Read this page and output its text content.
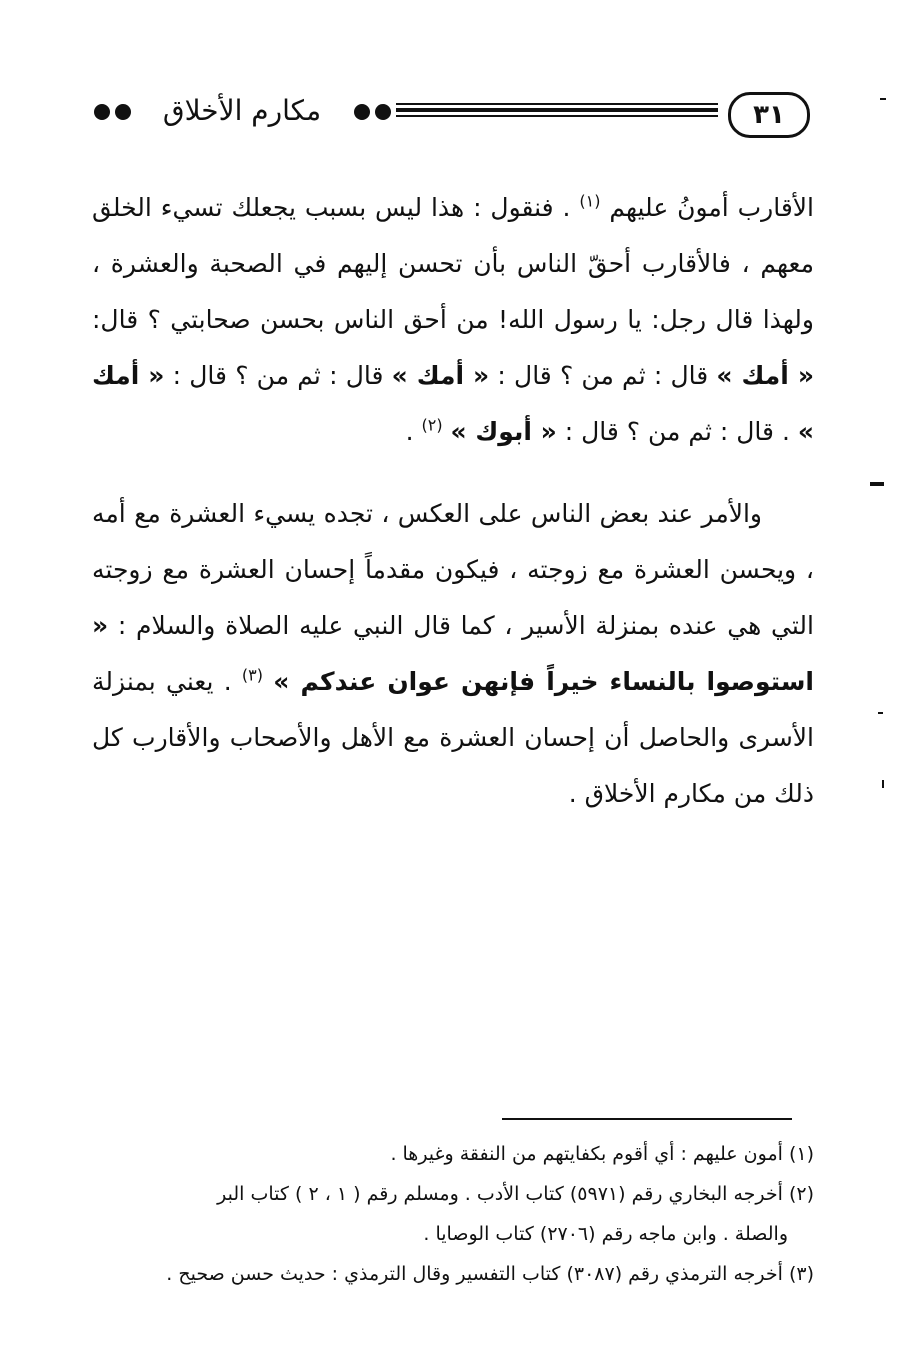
٣١
مكارم الأخلاق

الأقارب أمونُ عليهم $^{(١)}$ . فنقول : هذا ليس بسبب يجعلك تسيء الخلق معهم ، فالأقارب أحقّ الناس بأن تحسن إليهم في الصحبة والعشرة ، ولهذا قال رجل: يا رسول الله! من أحق الناس بحسن صحابتي ؟ قال: « أمك » قال : ثم من ؟ قال : « أمك » قال : ثم من ؟ قال : « أمك » . قال : ثم من ؟ قال : « أبوك » $^{(٢)}$ .

والأمر عند بعض الناس على العكس ، تجده يسيء العشرة مع أمه ، ويحسن العشرة مع زوجته ، فيكون مقدماً إحسان العشرة مع زوجته التي هي عنده بمنزلة الأسير ، كما قال النبي عليه الصلاة والسلام : « استوصوا بالنساء خيراً فإنهن عوان عندكم » $^{(٣)}$ . يعني بمنزلة الأسرى والحاصل أن إحسان العشرة مع الأهل والأصحاب والأقارب كل ذلك من مكارم الأخلاق .

(١) أمون عليهم : أي أقوم بكفايتهم من النفقة وغيرها .

(٢) أخرجه البخاري رقم (٥٩٧١) كتاب الأدب . ومسلم رقم ( ١ ، ٢ ) كتاب البر

والصلة . وابن ماجه رقم (٢٧٠٦) كتاب الوصايا .

(٣) أخرجه الترمذي رقم (٣٠٨٧) كتاب التفسير وقال الترمذي : حديث حسن صحيح .
